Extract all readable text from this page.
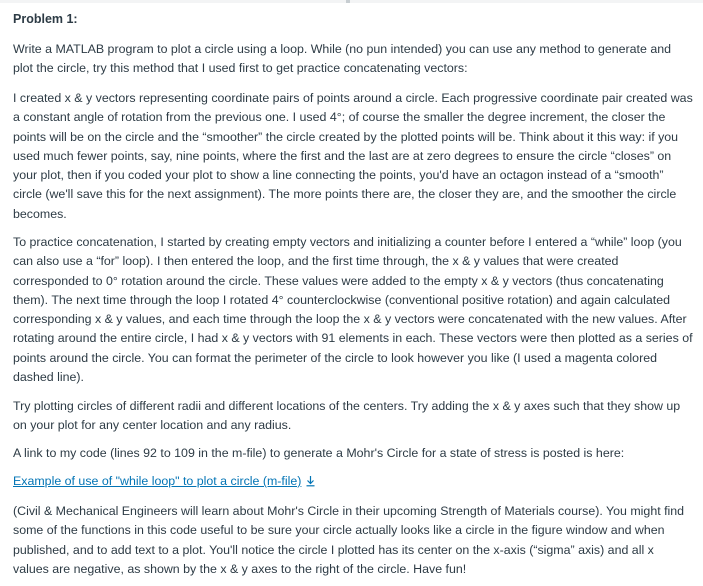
Problem 1:

Write a MATLAB program to plot a circle using a loop. While (no pun intended) you can use any method to generate and plot the circle, try this method that I used first to get practice concatenating vectors:

I created x & y vectors representing coordinate pairs of points around a circle. Each progressive coordinate pair created was a constant angle of rotation from the previous one. I used 4°; of course the smaller the degree increment, the closer the points will be on the circle and the “smoother” the circle created by the plotted points will be. Think about it this way: if you used much fewer points, say, nine points, where the first and the last are at zero degrees to ensure the circle “closes” on your plot, then if you coded your plot to show a line connecting the points, you'd have an octagon instead of a “smooth” circle (we'll save this for the next assignment). The more points there are, the closer they are, and the smoother the circle becomes.

To practice concatenation, I started by creating empty vectors and initializing a counter before I entered a “while” loop (you can also use a “for” loop). I then entered the loop, and the first time through, the x & y values that were created corresponded to 0° rotation around the circle. These values were added to the empty x & y vectors (thus concatenating them). The next time through the loop I rotated 4° counterclockwise (conventional positive rotation) and again calculated corresponding x & y values, and each time through the loop the x & y vectors were concatenated with the new values. After rotating around the entire circle, I had x & y vectors with 91 elements in each. These vectors were then plotted as a series of points around the circle. You can format the perimeter of the circle to look however you like (I used a magenta colored dashed line).

Try plotting circles of different radii and different locations of the centers. Try adding the x & y axes such that they show up on your plot for any center location and any radius.

A link to my code (lines 92 to 109 in the m-file) to generate a Mohr's Circle for a state of stress is posted is here:

Example of use of "while loop" to plot a circle (m-file)

(Civil & Mechanical Engineers will learn about Mohr's Circle in their upcoming Strength of Materials course). You might find some of the functions in this code useful to be sure your circle actually looks like a circle in the figure window and when published, and to add text to a plot. You'll notice the circle I plotted has its center on the x-axis (“sigma” axis) and all x values are negative, as shown by the x & y axes to the right of the circle. Have fun!
